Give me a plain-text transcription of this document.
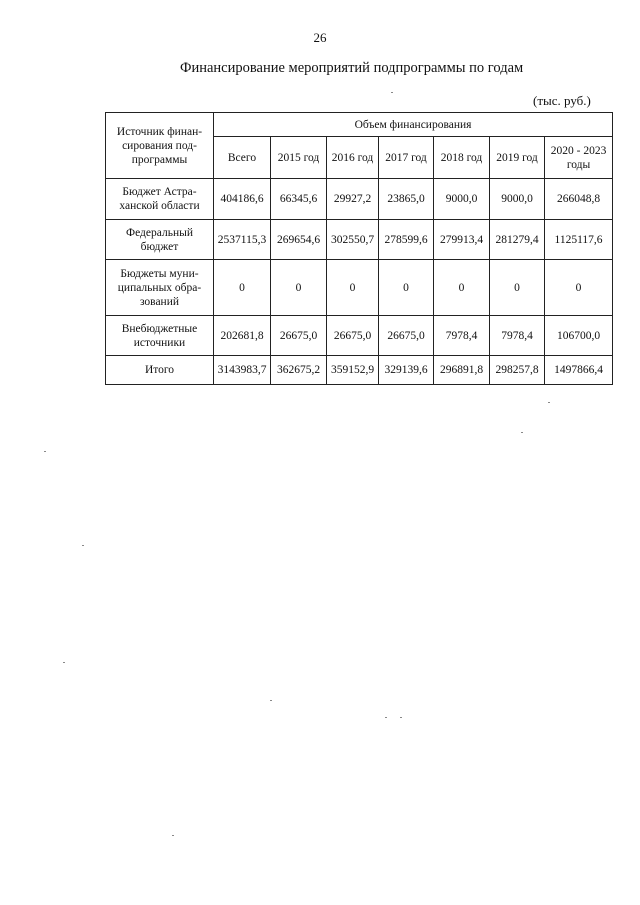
26
Финансирование мероприятий подпрограммы по годам
(тыс. руб.)
Источник финан-сирования под-программы	Объем финансирования						
	Всего	2015 год	2016 год	2017 год	2018 год	2019 год	2020 - 2023 годы
Бюджет Астра-ханской области	404186,6	66345,6	29927,2	23865,0	9000,0	9000,0	266048,8
Федеральный бюджет	2537115,3	269654,6	302550,7	278599,6	279913,4	281279,4	1125117,6
Бюджеты муни-ципальных обра-зований	0	0	0	0	0	0	0
Внебюджетные источники	202681,8	26675,0	26675,0	26675,0	7978,4	7978,4	106700,0
Итого	3143983,7	362675,2	359152,9	329139,6	296891,8	298257,8	1497866,4
